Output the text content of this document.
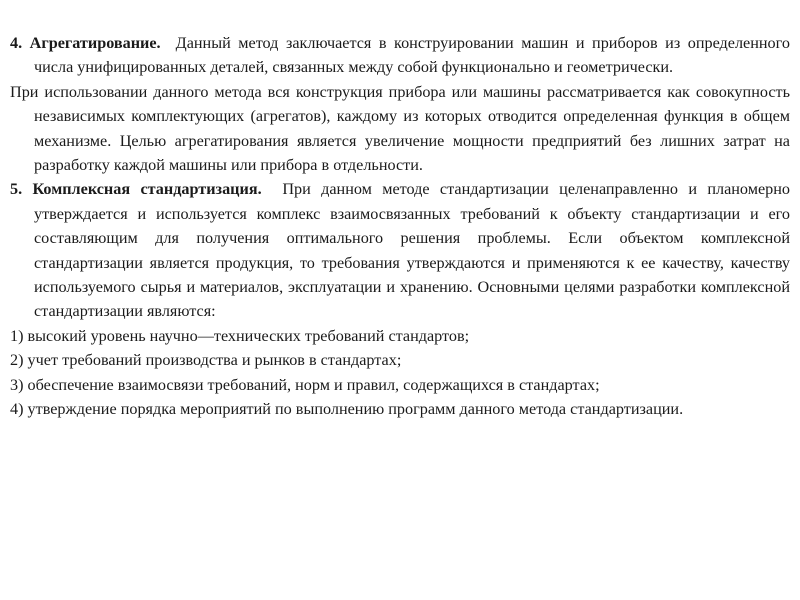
4. Агрегатирование. Данный метод заключается в конструировании машин и приборов из определенного числа унифицированных деталей, связанных между собой функционально и геометрически.

При использовании данного метода вся конструкция прибора или машины рассматривается как совокупность независимых комплектующих (агрегатов), каждому из которых отводится определенная функция в общем механизме. Целью агрегатирования является увеличение мощности предприятий без лишних затрат на разработку каждой машины или прибора в отдельности.

5. Комплексная стандартизация. При данном методе стандартизации целенаправленно и планомерно утверждается и используется комплекс взаимосвязанных требований к объекту стандартизации и его составляющим для получения оптимального решения проблемы. Если объектом комплексной стандартизации является продукция, то требования утверждаются и применяются к ее качеству, качеству используемого сырья и материалов, эксплуатации и хранению. Основными целями разработки комплексной стандартизации являются:

1) высокий уровень научно—технических требований стандартов;

2) учет требований производства и рынков в стандартах;

3) обеспечение взаимосвязи требований, норм и правил, содержащихся в стандартах;

4) утверждение порядка мероприятий по выполнению программ данного метода стандартизации.
